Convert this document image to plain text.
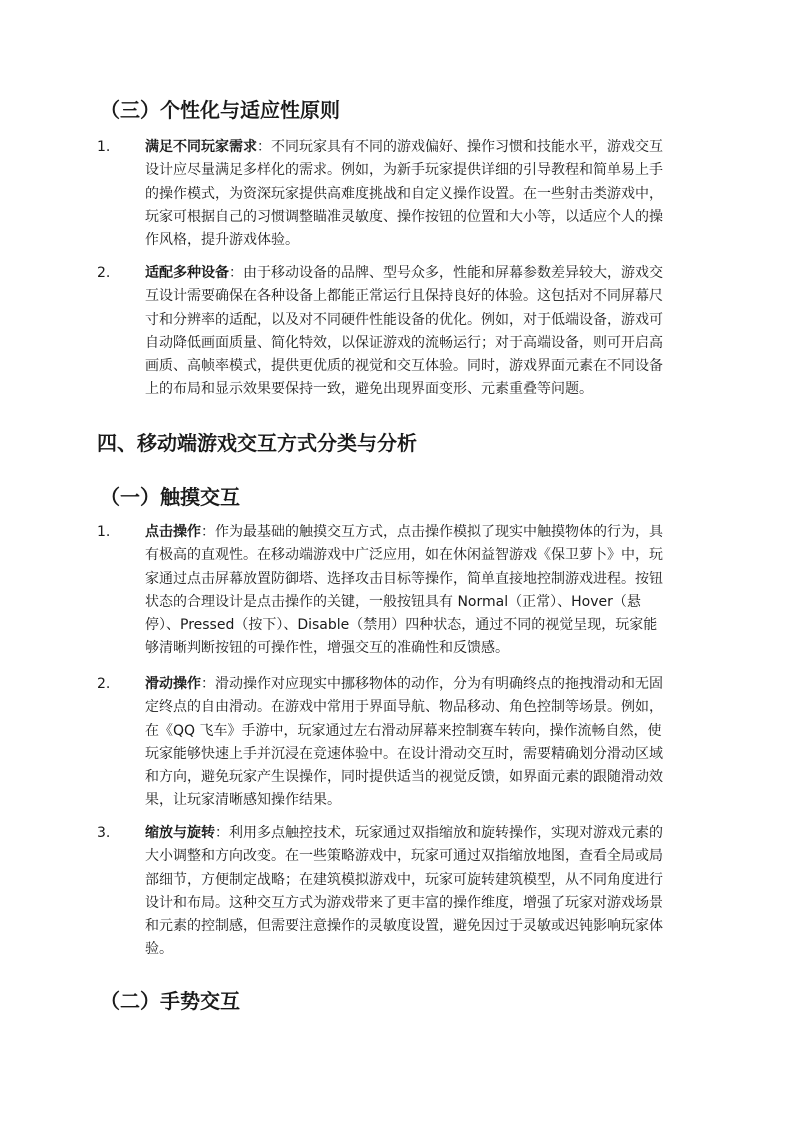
（三）个性化与适应性原则
1. 满足不同玩家需求：不同玩家具有不同的游戏偏好、操作习惯和技能水平，游戏交互
设计应尽量满足多样化的需求。例如，为新手玩家提供详细的引导教程和简单易上手
的操作模式，为资深玩家提供高难度挑战和自定义操作设置。在一些射击类游戏中，
玩家可根据自己的习惯调整瞄准灵敏度、操作按钮的位置和大小等，以适应个人的操
作风格，提升游戏体验。
2. 适配多种设备：由于移动设备的品牌、型号众多，性能和屏幕参数差异较大，游戏交
互设计需要确保在各种设备上都能正常运行且保持良好的体验。这包括对不同屏幕尺
寸和分辨率的适配，以及对不同硬件性能设备的优化。例如，对于低端设备，游戏可
自动降低画面质量、简化特效，以保证游戏的流畅运行；对于高端设备，则可开启高
画质、高帧率模式，提供更优质的视觉和交互体验。同时，游戏界面元素在不同设备
上的布局和显示效果要保持一致，避免出现界面变形、元素重叠等问题。
四、移动端游戏交互方式分类与分析
（一）触摸交互
1. 点击操作：作为最基础的触摸交互方式，点击操作模拟了现实中触摸物体的行为，具
有极高的直观性。在移动端游戏中广泛应用，如在休闲益智游戏《保卫萝卜》中，玩
家通过点击屏幕放置防御塔、选择攻击目标等操作，简单直接地控制游戏进程。按钮
状态的合理设计是点击操作的关键，一般按钮具有 Normal（正常）、Hover（悬
停）、Pressed（按下）、Disable（禁用）四种状态，通过不同的视觉呈现，玩家能
够清晰判断按钮的可操作性，增强交互的准确性和反馈感。
2. 滑动操作：滑动操作对应现实中挪移物体的动作，分为有明确终点的拖拽滑动和无固
定终点的自由滑动。在游戏中常用于界面导航、物品移动、角色控制等场景。例如，
在《QQ 飞车》手游中，玩家通过左右滑动屏幕来控制赛车转向，操作流畅自然，使
玩家能够快速上手并沉浸在竞速体验中。在设计滑动交互时，需要精确划分滑动区域
和方向，避免玩家产生误操作，同时提供适当的视觉反馈，如界面元素的跟随滑动效
果，让玩家清晰感知操作结果。
3. 缩放与旋转：利用多点触控技术，玩家通过双指缩放和旋转操作，实现对游戏元素的
大小调整和方向改变。在一些策略游戏中，玩家可通过双指缩放地图，查看全局或局
部细节，方便制定战略；在建筑模拟游戏中，玩家可旋转建筑模型，从不同角度进行
设计和布局。这种交互方式为游戏带来了更丰富的操作维度，增强了玩家对游戏场景
和元素的控制感，但需要注意操作的灵敏度设置，避免因过于灵敏或迟钝影响玩家体
验。
（二）手势交互
